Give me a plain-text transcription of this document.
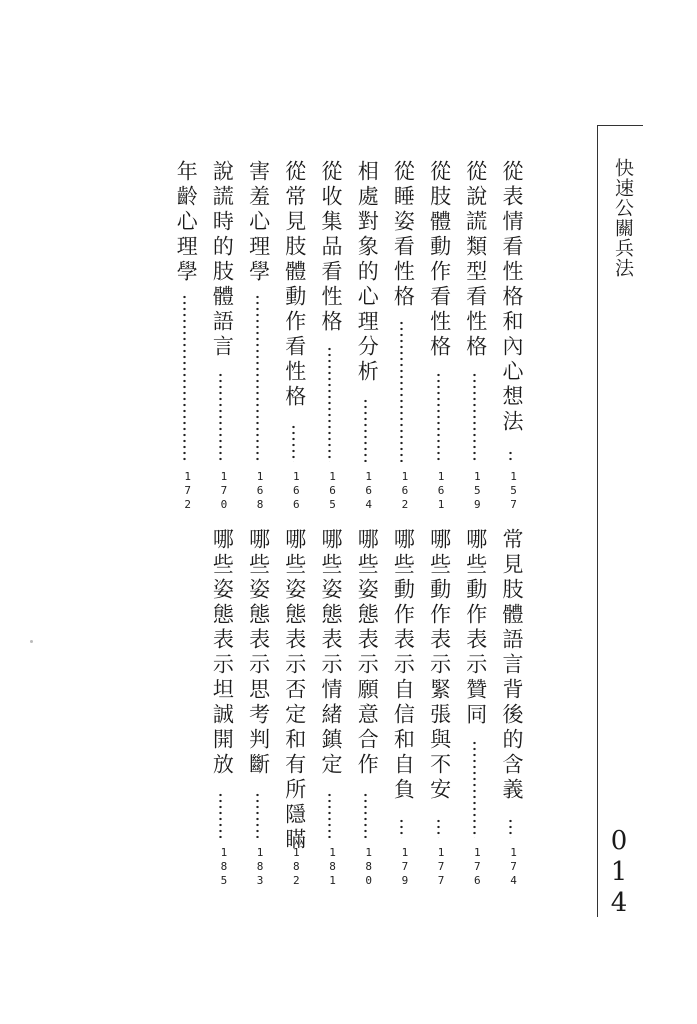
快速公關兵法
014
從表情看性格和內心想法
157
從說謊類型看性格
159
從肢體動作看性格
161
從睡姿看性格
162
相處對象的心理分析
164
從收集品看性格
165
從常見肢體動作看性格
166
害羞心理學
168
說謊時的肢體語言
170
年齡心理學
172
常見肢體語言背後的含義
174
哪些動作表示贊同
176
哪些動作表示緊張與不安
177
哪些動作表示自信和自負
179
哪些姿態表示願意合作
180
哪些姿態表示情緒鎮定
181
哪些姿態表示否定和有所隱瞞
182
哪些姿態表示思考判斷
183
哪些姿態表示坦誠開放
185
